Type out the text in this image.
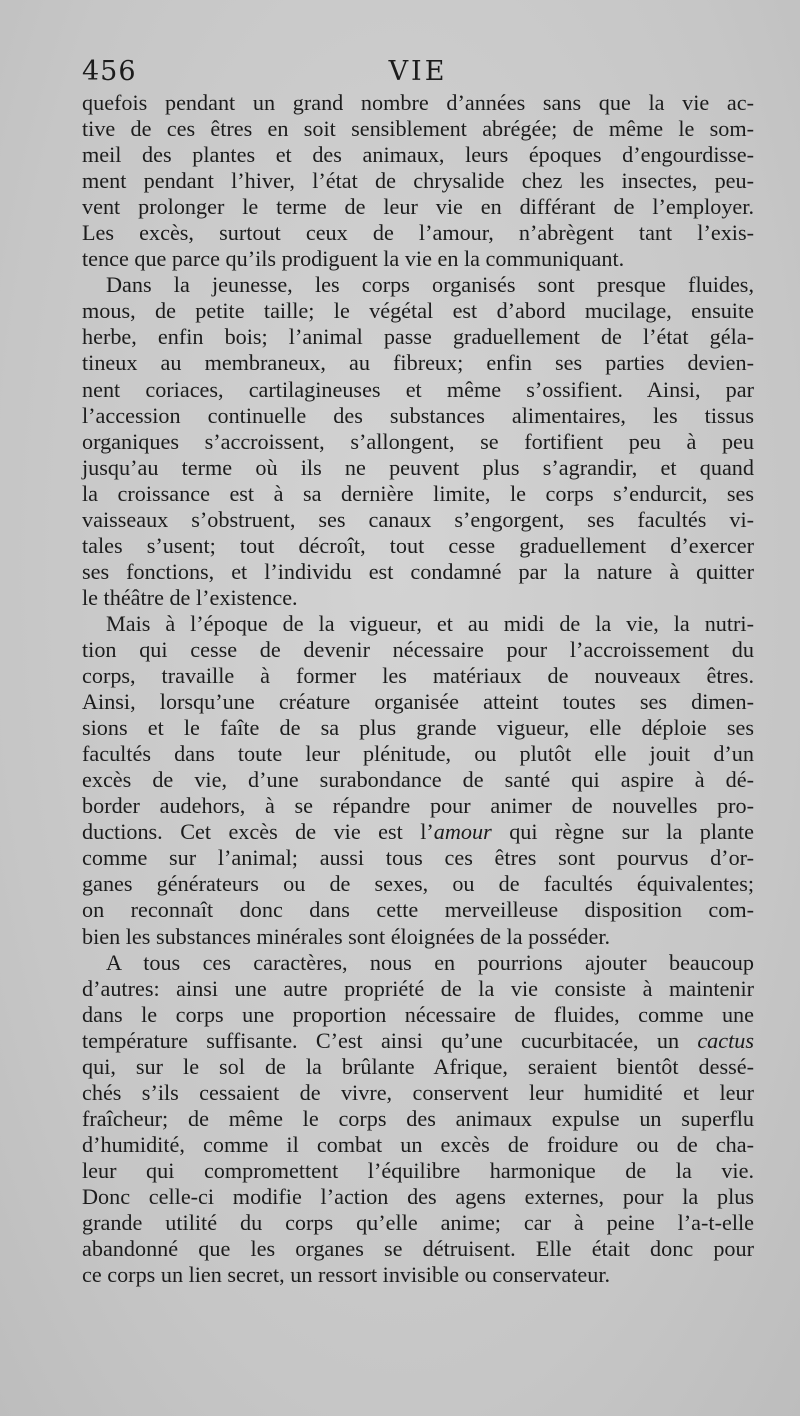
456	VIE
quefois pendant un grand nombre d’années sans que la vie ac-
tive de ces êtres en soit sensiblement abrégée; de même le som-
meil des plantes et des animaux, leurs époques d’engourdisse-
ment pendant l’hiver, l’état de chrysalide chez les insectes, peu-
vent prolonger le terme de leur vie en différant de l’employer.
Les excès, surtout ceux de l’amour, n’abrègent tant l’exis-
tence que parce qu’ils prodiguent la vie en la communiquant.
Dans la jeunesse, les corps organisés sont presque fluides,
mous, de petite taille; le végétal est d’abord mucilage, ensuite
herbe, enfin bois; l’animal passe graduellement de l’état géla-
tineux au membraneux, au fibreux; enfin ses parties devien-
nent coriaces, cartilagineuses et même s’ossifient. Ainsi, par
l’accession continuelle des substances alimentaires, les tissus
organiques s’accroissent, s’allongent, se fortifient peu à peu
jusqu’au terme où ils ne peuvent plus s’agrandir, et quand
la croissance est à sa dernière limite, le corps s’endurcit, ses
vaisseaux s’obstruent, ses canaux s’engorgent, ses facultés vi-
tales s’usent; tout décroît, tout cesse graduellement d’exercer
ses fonctions, et l’individu est condamné par la nature à quitter
le théâtre de l’existence.
Mais à l’époque de la vigueur, et au midi de la vie, la nutri-
tion qui cesse de devenir nécessaire pour l’accroissement du
corps, travaille à former les matériaux de nouveaux êtres.
Ainsi, lorsqu’une créature organisée atteint toutes ses dimen-
sions et le faîte de sa plus grande vigueur, elle déploie ses
facultés dans toute leur plénitude, ou plutôt elle jouit d’un
excès de vie, d’une surabondance de santé qui aspire à dé-
border audehors, à se répandre pour animer de nouvelles pro-
ductions. Cet excès de vie est l’amour qui règne sur la plante
comme sur l’animal; aussi tous ces êtres sont pourvus d’or-
ganes générateurs ou de sexes, ou de facultés équivalentes;
on reconnaît donc dans cette merveilleuse disposition com-
bien les substances minérales sont éloignées de la posséder.
A tous ces caractères, nous en pourrions ajouter beaucoup
d’autres: ainsi une autre propriété de la vie consiste à maintenir
dans le corps une proportion nécessaire de fluides, comme une
température suffisante. C’est ainsi qu’une cucurbitacée, un cactus
qui, sur le sol de la brûlante Afrique, seraient bientôt dessé-
chés s’ils cessaient de vivre, conservent leur humidité et leur
fraîcheur; de même le corps des animaux expulse un superflu
d’humidité, comme il combat un excès de froidure ou de cha-
leur qui compromettent l’équilibre harmonique de la vie.
Donc celle-ci modifie l’action des agens externes, pour la plus
grande utilité du corps qu’elle anime; car à peine l’a-t-elle
abandonné que les organes se détruisent. Elle était donc pour
ce corps un lien secret, un ressort invisible ou conservateur.
